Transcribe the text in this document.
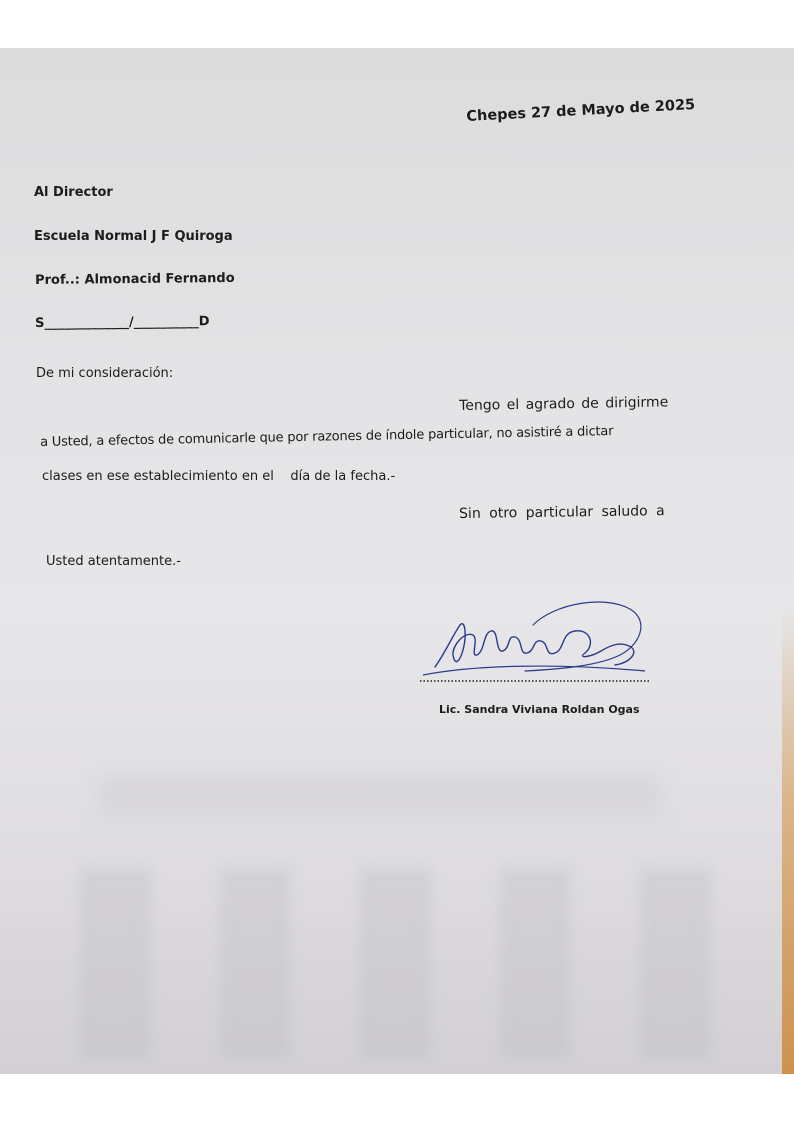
Chepes 27 de Mayo de 2025
Al Director
Escuela Normal J F Quiroga
Prof..: Almonacid Fernando
S_____________/__________D
De mi consideración:
Tengo el agrado de dirigirme
a Usted, a efectos de comunicarle que por razones de índole particular, no asistiré a dictar
clases en ese establecimiento en el    día de la fecha.-
Sin otro particular saludo a
Usted atentamente.-
Lic. Sandra Viviana Roldan Ogas
